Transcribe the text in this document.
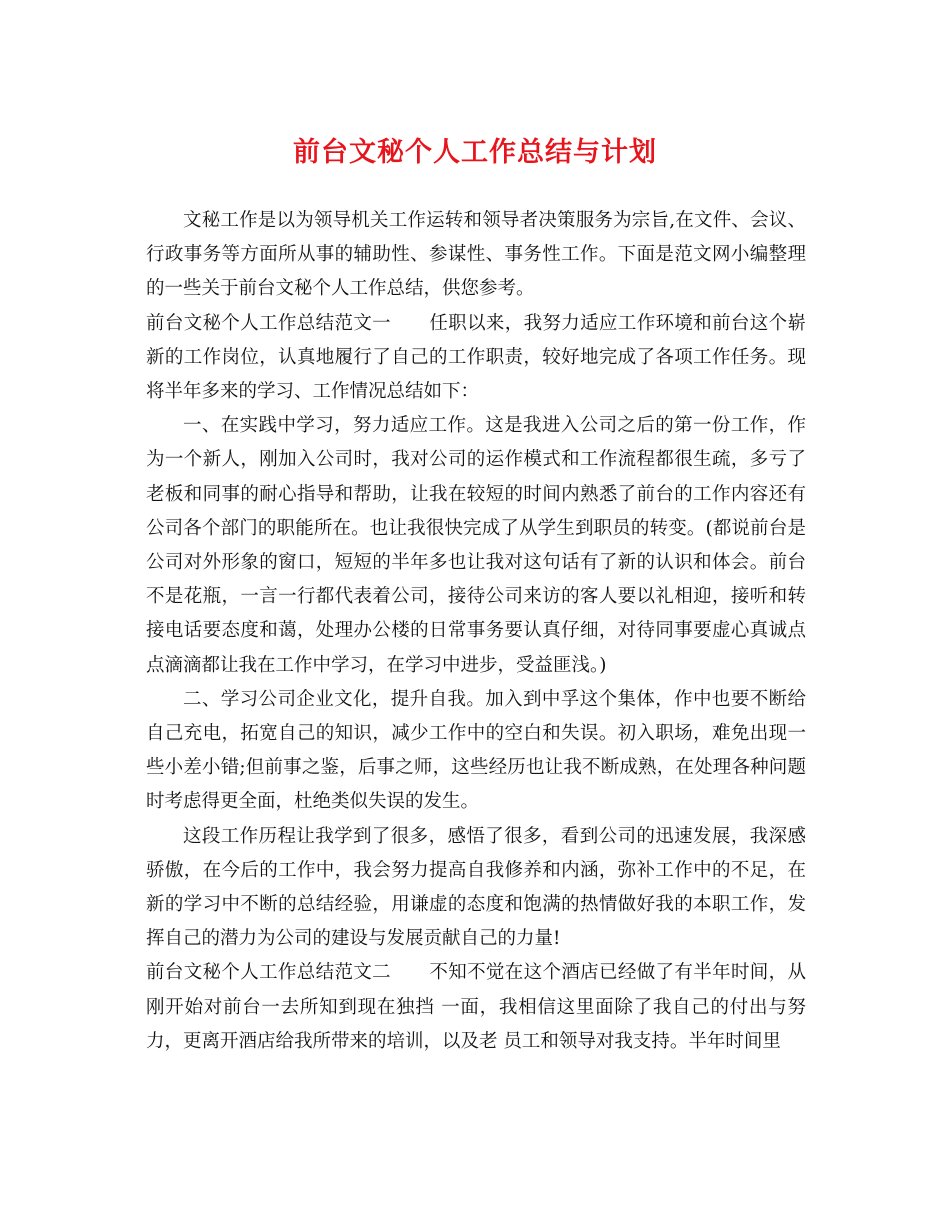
前台文秘个人工作总结与计划

文秘工作是以为领导机关工作运转和领导者决策服务为宗旨,在文件、会议、行政事务等方面所从事的辅助性、参谋性、事务性工作。下面是范文网小编整理的一些关于前台文秘个人工作总结，供您参考。

前台文秘个人工作总结范文一 任职以来，我努力适应工作环境和前台这个崭新的工作岗位，认真地履行了自己的工作职责，较好地完成了各项工作任务。现将半年多来的学习、工作情况总结如下：

一、在实践中学习，努力适应工作。这是我进入公司之后的第一份工作，作为一个新人，刚加入公司时，我对公司的运作模式和工作流程都很生疏，多亏了老板和同事的耐心指导和帮助，让我在较短的时间内熟悉了前台的工作内容还有公司各个部门的职能所在。也让我很快完成了从学生到职员的转变。(都说前台是公司对外形象的窗口，短短的半年多也让我对这句话有了新的认识和体会。前台不是花瓶，一言一行都代表着公司，接待公司来访的客人要以礼相迎，接听和转接电话要态度和蔼，处理办公楼的日常事务要认真仔细，对待同事要虚心真诚点点滴滴都让我在工作中学习，在学习中进步，受益匪浅。)

二、学习公司企业文化，提升自我。加入到中孚这个集体，作中也要不断给自己充电，拓宽自己的知识，减少工作中的空白和失误。初入职场，难免出现一些小差小错;但前事之鉴，后事之师，这些经历也让我不断成熟，在处理各种问题时考虑得更全面，杜绝类似失误的发生。

这段工作历程让我学到了很多，感悟了很多，看到公司的迅速发展，我深感骄傲，在今后的工作中，我会努力提高自我修养和内涵，弥补工作中的不足，在新的学习中不断的总结经验，用谦虚的态度和饱满的热情做好我的本职工作，发挥自己的潜力为公司的建设与发展贡献自己的力量!

前台文秘个人工作总结范文二 不知不觉在这个酒店已经做了有半年时间，从刚开始对前台一去所知到现在独挡 一面，我相信这里面除了我自己的付出与努力，更离开酒店给我所带来的培训，以及老 员工和领导对我支持。半年时间里
